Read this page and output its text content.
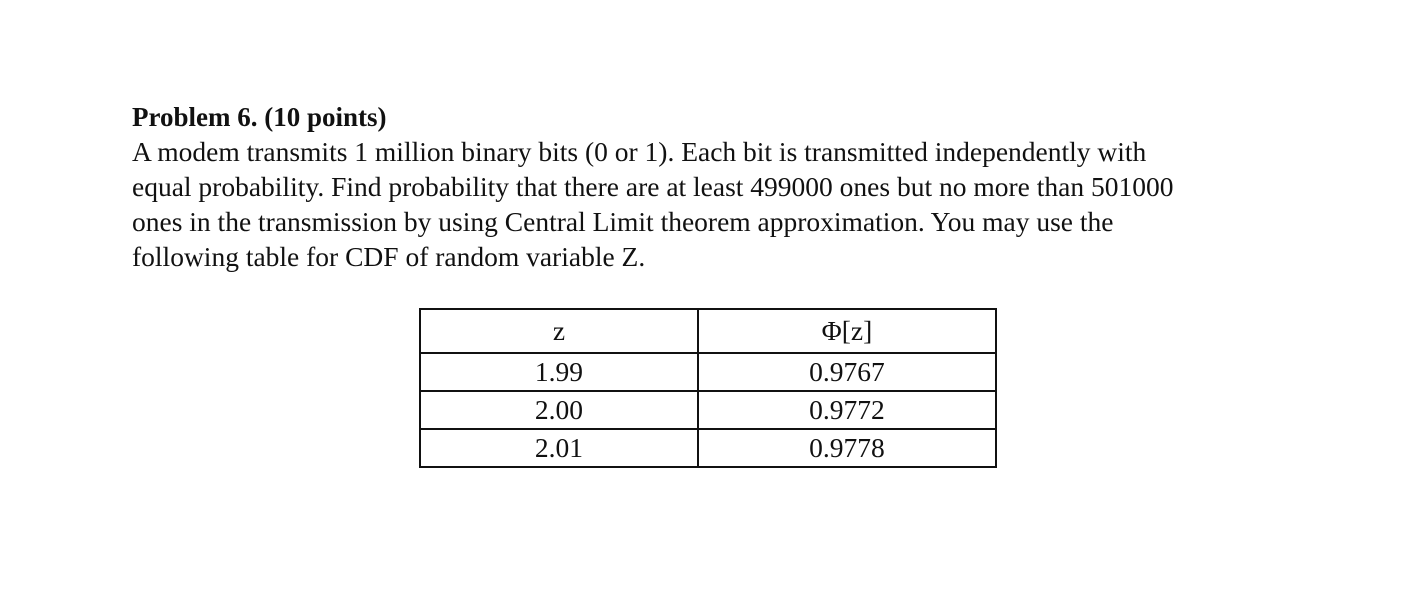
Problem 6. (10 points)

A modem transmits 1 million binary bits (0 or 1). Each bit is transmitted independently with
equal probability. Find probability that there are at least 499000 ones but no more than 501000
ones in the transmission by using Central Limit theorem approximation. You may use the
following table for CDF of random variable Z.

z	Φ[z]
1.99	0.9767
2.00	0.9772
2.01	0.9778
